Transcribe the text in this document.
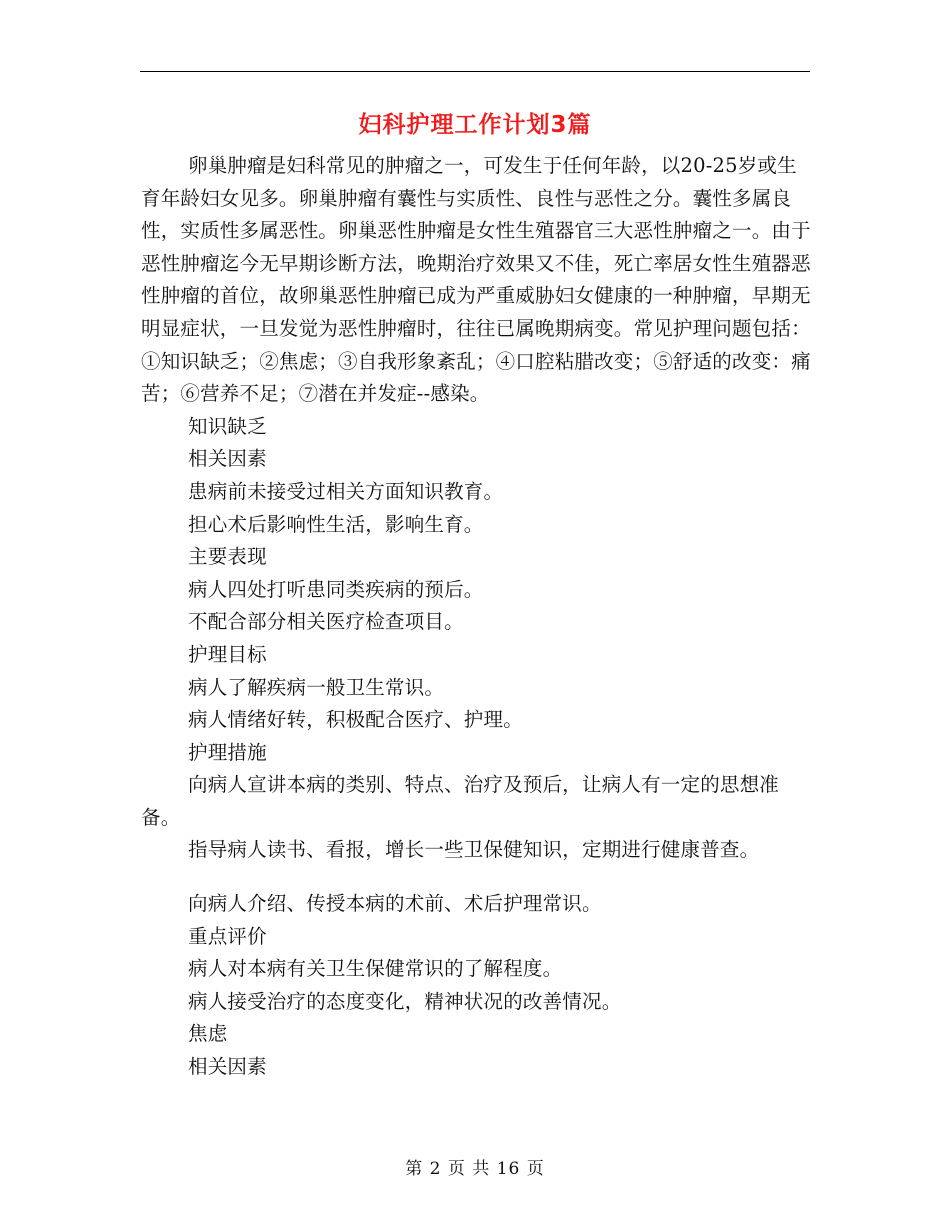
妇科护理工作计划3篇

卵巢肿瘤是妇科常见的肿瘤之一，可发生于任何年龄，以20-25岁或生育年龄妇女见多。卵巢肿瘤有囊性与实质性、良性与恶性之分。囊性多属良性，实质性多属恶性。卵巢恶性肿瘤是女性生殖器官三大恶性肿瘤之一。由于恶性肿瘤迄今无早期诊断方法，晚期治疗效果又不佳，死亡率居女性生殖器恶性肿瘤的首位，故卵巢恶性肿瘤已成为严重威胁妇女健康的一种肿瘤，早期无明显症状，一旦发觉为恶性肿瘤时，往往已属晚期病变。常见护理问题包括：①知识缺乏；②焦虑；③自我形象紊乱；④口腔粘腊改变；⑤舒适的改变：痛苦；⑥营养不足；⑦潜在并发症--感染。

知识缺乏

相关因素

患病前未接受过相关方面知识教育。

担心术后影响性生活，影响生育。

主要表现

病人四处打听患同类疾病的预后。

不配合部分相关医疗检查项目。

护理目标

病人了解疾病一般卫生常识。

病人情绪好转，积极配合医疗、护理。

护理措施

向病人宣讲本病的类别、特点、治疗及预后，让病人有一定的思想准备。

指导病人读书、看报，增长一些卫保健知识，定期进行健康普查。

向病人介绍、传授本病的术前、术后护理常识。

重点评价

病人对本病有关卫生保健常识的了解程度。

病人接受治疗的态度变化，精神状况的改善情况。

焦虑

相关因素

第 2 页 共 16 页
